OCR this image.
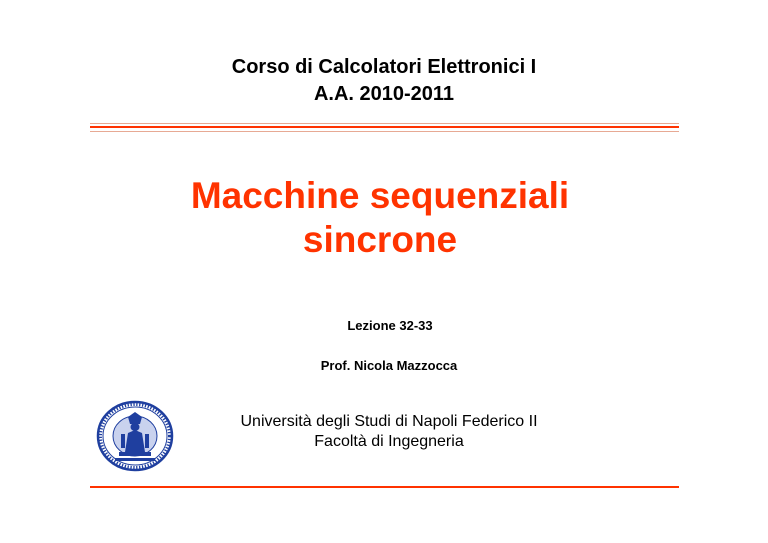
Corso di Calcolatori Elettronici I
A.A. 2010-2011
Macchine sequenziali
sincrone
Lezione 32-33
Prof. Nicola Mazzocca
Università degli Studi di Napoli Federico II
Facoltà di Ingegneria
